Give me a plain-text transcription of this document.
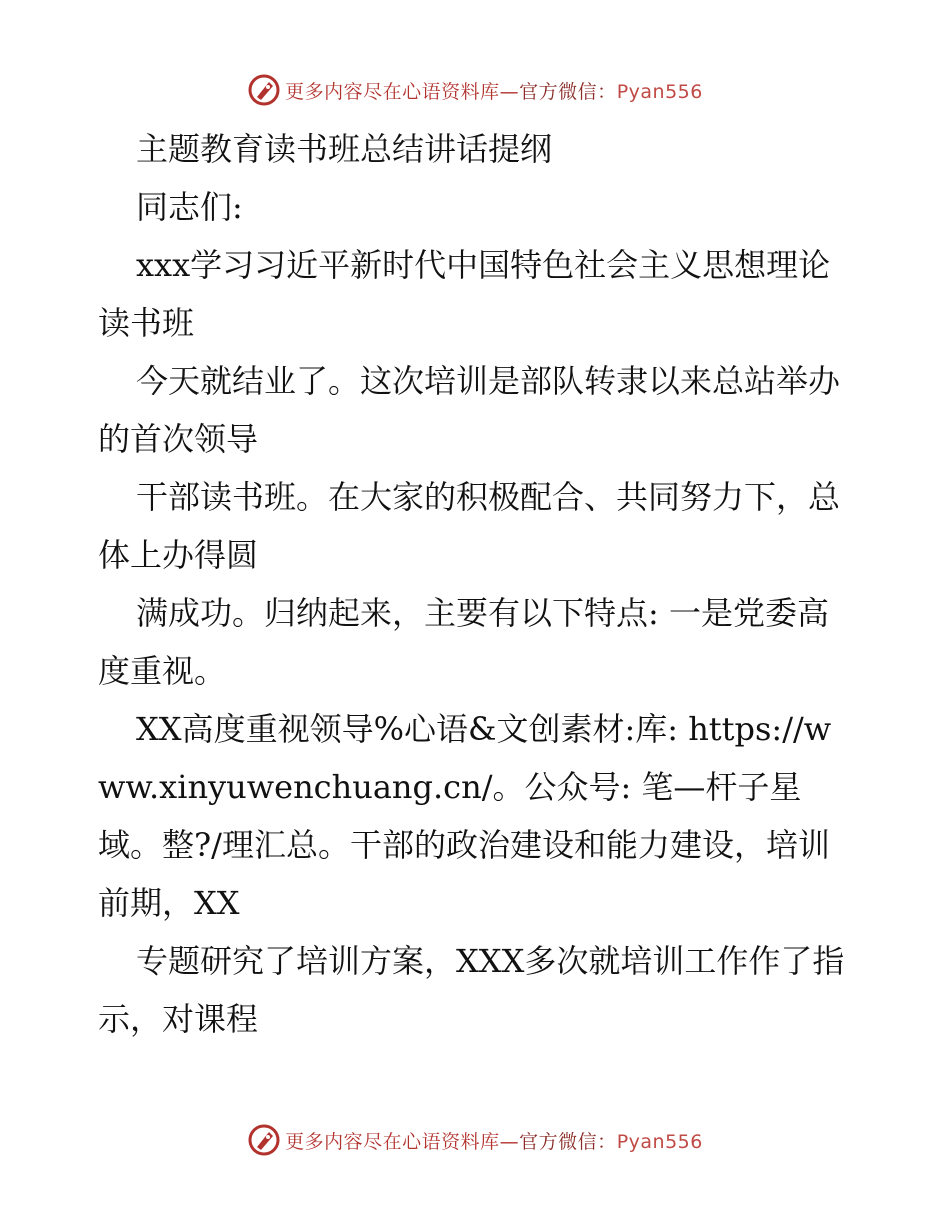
更多内容尽在心语资料库—官方微信：Pyan556

主题教育读书班总结讲话提纲

同志们:

xxx学习习近平新时代中国特色社会主义思想理论读书班

今天就结业了。这次培训是部队转隶以来总站举办的首次领导

干部读书班。在大家的积极配合、共同努力下，总体上办得圆

满成功。归纳起来，主要有以下特点: 一是党委高度重视。

XX高度重视领导%心语&文创素材:库: https://www.xinyuwenchuang.cn/。公众号: 笔—杆子星域。整?/理汇总。干部的政治建设和能力建设，培训前期，XX

专题研究了培训方案，XXX多次就培训工作作了指示，对课程

更多内容尽在心语资料库—官方微信：Pyan556
